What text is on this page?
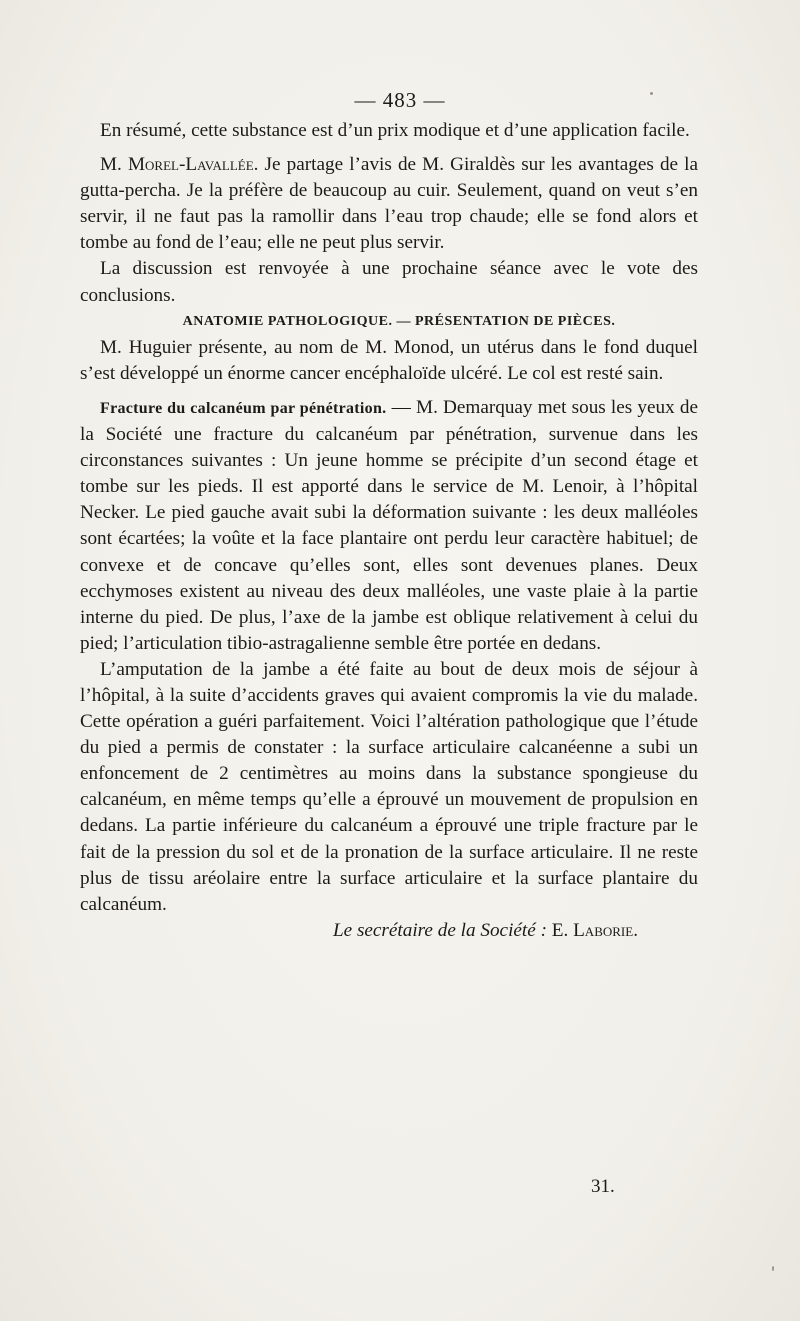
— 483 —

En résumé, cette substance est d’un prix modique et d’une application facile.

M. Morel-Lavallée. Je partage l’avis de M. Giraldès sur les avantages de la gutta-percha. Je la préfère de beaucoup au cuir. Seulement, quand on veut s’en servir, il ne faut pas la ramollir dans l’eau trop chaude; elle se fond alors et tombe au fond de l’eau; elle ne peut plus servir.

La discussion est renvoyée à une prochaine séance avec le vote des conclusions.

ANATOMIE PATHOLOGIQUE. — PRÉSENTATION DE PIÈCES.

M. Huguier présente, au nom de M. Monod, un utérus dans le fond duquel s’est développé un énorme cancer encéphaloïde ulcéré. Le col est resté sain.

Fracture du calcanéum par pénétration. — M. Demarquay met sous les yeux de la Société une fracture du calcanéum par pénétration, survenue dans les circonstances suivantes : Un jeune homme se précipite d’un second étage et tombe sur les pieds. Il est apporté dans le service de M. Lenoir, à l’hôpital Necker. Le pied gauche avait subi la déformation suivante : les deux malléoles sont écartées; la voûte et la face plantaire ont perdu leur caractère habituel; de convexe et de concave qu’elles sont, elles sont devenues planes. Deux ecchymoses existent au niveau des deux malléoles, une vaste plaie à la partie interne du pied. De plus, l’axe de la jambe est oblique relativement à celui du pied; l’articulation tibio-astragalienne semble être portée en dedans.

L’amputation de la jambe a été faite au bout de deux mois de séjour à l’hôpital, à la suite d’accidents graves qui avaient compromis la vie du malade. Cette opération a guéri parfaitement. Voici l’altération pathologique que l’étude du pied a permis de constater : la surface articulaire calcanéenne a subi un enfoncement de 2 centimètres au moins dans la substance spongieuse du calcanéum, en même temps qu’elle a éprouvé un mouvement de propulsion en dedans. La partie inférieure du calcanéum a éprouvé une triple fracture par le fait de la pression du sol et de la pronation de la surface articulaire. Il ne reste plus de tissu aréolaire entre la surface articulaire et la surface plantaire du calcanéum.

Le secrétaire de la Société : E. Laborie.

31.
